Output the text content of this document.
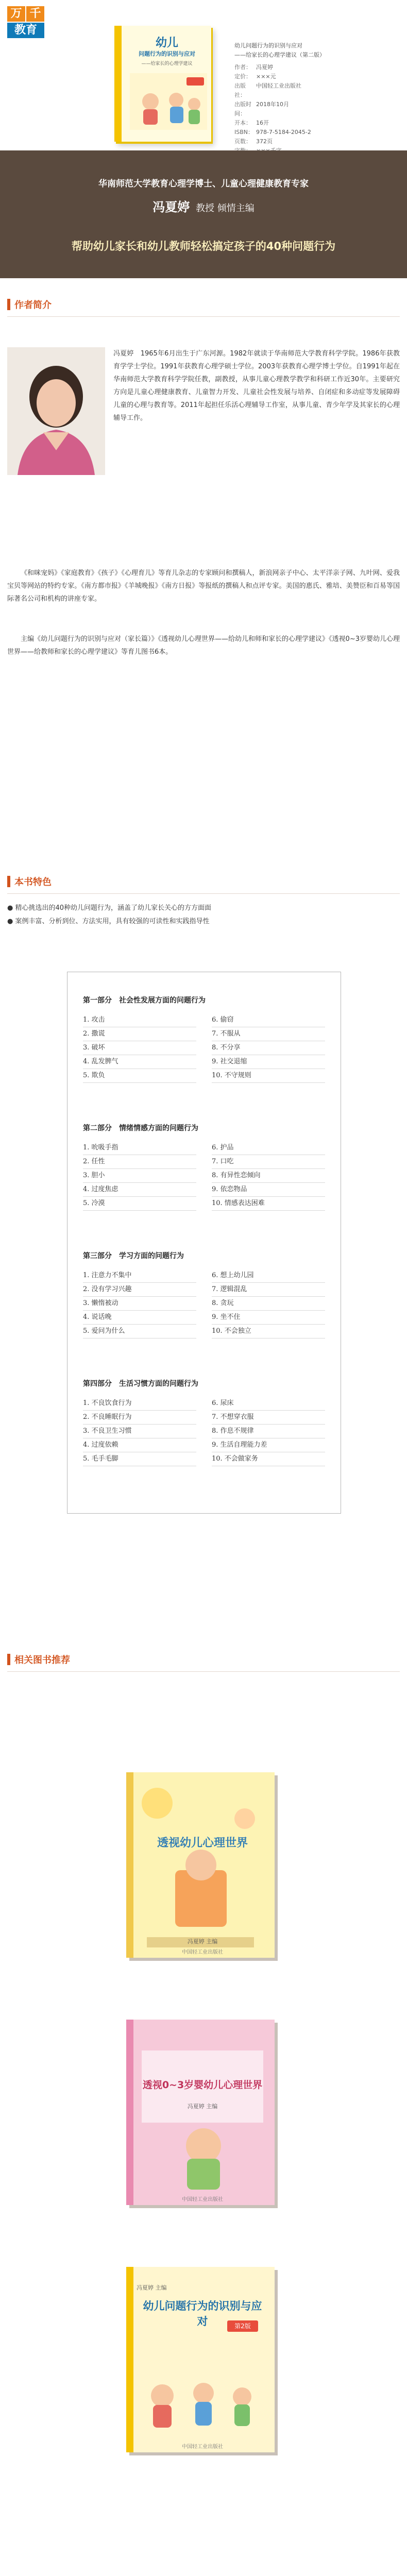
万 千
教育
幼儿
问题行为的识别与应对
——给家长的心理学建议
幼儿问题行为的识别与应对
——给家长的心理学建议（第二版）
作者： 冯夏婷
定价： ×××元
出版社：
中国轻工业出版社
出版时间：
2018年10月
开本： 16开
ISBN： 978-7-5184-2045-2
页数： 372页
华南师范大学教育心理学博士、儿童心理健康教育专家
冯夏婷 教授 倾情主编
帮助幼儿家长和幼儿教师轻松搞定孩子的40种问题行为
作者简介
冯夏婷　1965年6月出生于广东河源。1982年就读于华南师范大学教育科学学院。1986年获教育学学士学位。1991年获教育心理学硕士学位。2003年获教育心理学博士学位。自1991年起在华南师范大学教育科学学院任教，副教授，从事儿童心理教学教学和科研工作近30年。主要研究方向是儿童心理健康教育、儿童智力开发、儿童社会性发展与培养、自闭症和多动症等发展障碍儿童的心理与教育等。2011年起担任乐活心理辅导工作室，从事儿童、青少年学及其家长的心理辅导工作。
《和咪宠妈》《家庭教育》《孩子》《心理育儿》等育儿杂志的专家顾问和撰稿人，新浪网亲子中心、太平洋亲子网、九叶网、爱我宝贝等网站的特约专家。《南方都市报》《羊城晚报》《南方日报》等报纸的撰稿人和点评专家。美国的惠氏、雅培、美赞臣和百易等国际著名公司和机构的讲座专家。
主编《幼儿问题行为的识别与应对（家长篇）》《透视幼儿心理世界——给幼儿和师和家长的心理学建议》《透视0~3岁婴幼儿心理世界——给教师和家长的心理学建议》等育儿图书6本。
本书特色
● 精心挑选出的40种幼儿问题行为，涵盖了幼儿家长关心的方方面面
● 案例丰富、分析到位、方法实用，具有较强的可读性和实践指导性
第一部分　社会性发展方面的问题行为
1. 攻击	6. 偷窃
2. 撒谎	7. 不服从
3. 破坏	8. 不分享
4. 乱发脾气	9. 社交退缩
5. 欺负	10. 不守规则
第二部分　情绪情感方面的问题行为
1. 吮吸手指	6. 护品
2. 任性	7. 口吃
3. 胆小	8. 有异性恋倾向
4. 过度焦虑	9. 依恋物品
5. 冷漠	10. 情感表达困难
第三部分　学习方面的问题行为
1. 注意力不集中	6. 想上幼儿园
2. 没有学习兴趣	7. 逻辑混乱
3. 懒惰被动	8. 贪玩
4. 说话晚	9. 坐不住
5. 爱问为什么	10. 不会独立
第四部分　生活习惯方面的问题行为
1. 不良饮食行为	6. 尿床
2. 不良睡眠行为	7. 不想穿衣服
3. 不良卫生习惯	8. 作息不规律
4. 过度依赖	9. 生活自理能力差
5. 毛手毛脚	10. 不会做家务
相关图书推荐
透视幼儿心理世界
冯夏婷 主编
中国轻工业出版社
透视0~3岁婴幼儿心理世界
冯夏婷 主编
中国轻工业出版社
冯夏婷 主编
幼儿问题行为的识别与应对	第2版
中国轻工业出版社
